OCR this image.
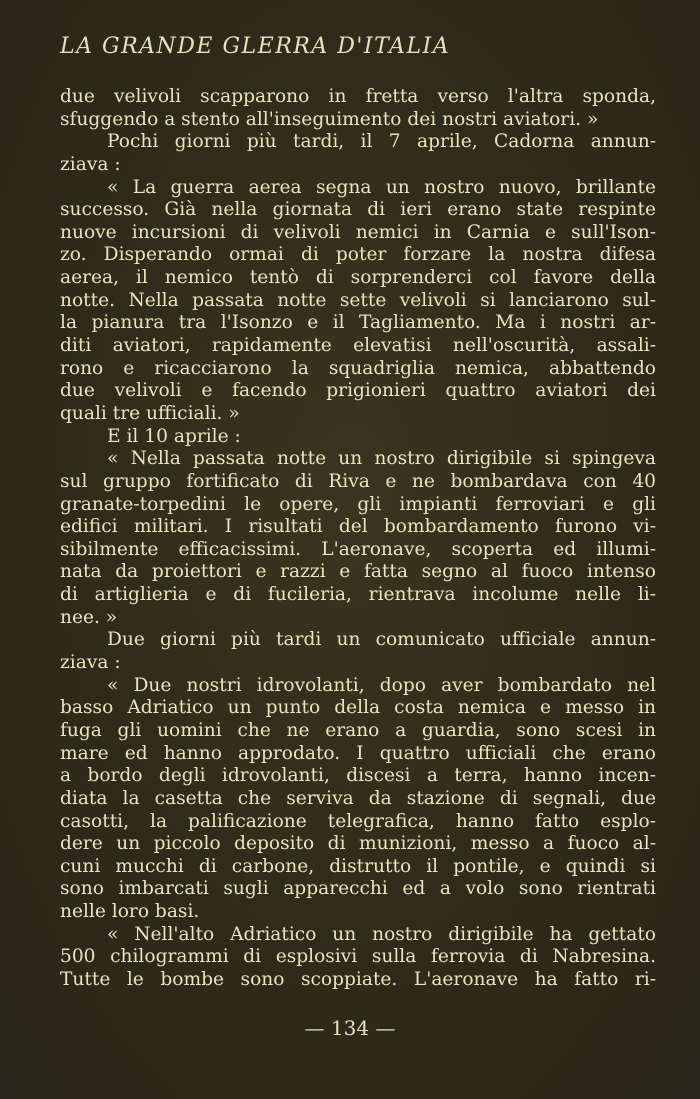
LA GRANDE GLERRA D'ITALIA
due velivoli scapparono in fretta verso l'altra sponda,
sfuggendo a stento all'inseguimento dei nostri aviatori. »
Pochi giorni più tardi, il 7 aprile, Cadorna annun-
ziava :
« La guerra aerea segna un nostro nuovo, brillante
successo. Già nella giornata di ieri erano state respinte
nuove incursioni di velivoli nemici in Carnia e sull'Ison-
zo. Disperando ormai di poter forzare la nostra difesa
aerea, il nemico tentò di sorprenderci col favore della
notte. Nella passata notte sette velivoli si lanciarono sul-
la pianura tra l'Isonzo e il Tagliamento. Ma i nostri ar-
diti aviatori, rapidamente elevatisi nell'oscurità, assali-
rono e ricacciarono la squadriglia nemica, abbattendo
due velivoli e facendo prigionieri quattro aviatori dei
quali tre ufficiali. »
E il 10 aprile :
« Nella passata notte un nostro dirigibile si spingeva
sul gruppo fortificato di Riva e ne bombardava con 40
granate-torpedini le opere, gli impianti ferroviari e gli
edifici militari. I risultati del bombardamento furono vi-
sibilmente efficacissimi. L'aeronave, scoperta ed illumi-
nata da proiettori e razzi e fatta segno al fuoco intenso
di artiglieria e di fucileria, rientrava incolume nelle li-
nee. »
Due giorni più tardi un comunicato ufficiale annun-
ziava :
« Due nostri idrovolanti, dopo aver bombardato nel
basso Adriatico un punto della costa nemica e messo in
fuga gli uomini che ne erano a guardia, sono scesi in
mare ed hanno approdato. I quattro ufficiali che erano
a bordo degli idrovolanti, discesi a terra, hanno incen-
diata la casetta che serviva da stazione di segnali, due
casotti, la palificazione telegrafica, hanno fatto esplo-
dere un piccolo deposito di munizioni, messo a fuoco al-
cuni mucchi di carbone, distrutto il pontile, e quindi si
sono imbarcati sugli apparecchi ed a volo sono rientrati
nelle loro basi.
« Nell'alto Adriatico un nostro dirigibile ha gettato
500 chilogrammi di esplosivi sulla ferrovia di Nabresina.
Tutte le bombe sono scoppiate. L'aeronave ha fatto ri-
— 134 —
